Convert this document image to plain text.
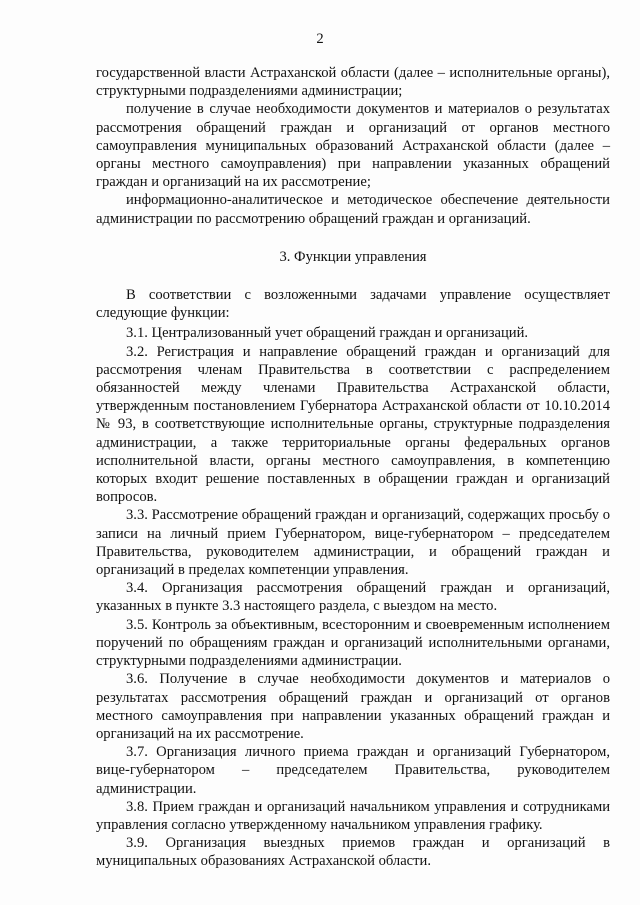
2

государственной власти Астраханской области (далее – исполнительные органы), структурными подразделениями администрации;

получение в случае необходимости документов и материалов о результатах рассмотрения обращений граждан и организаций от органов местного самоуправления муниципальных образований Астраханской области (далее – органы местного самоуправления) при направлении указанных обращений граждан и организаций на их рассмотрение;

информационно-аналитическое и методическое обеспечение деятельности администрации по рассмотрению обращений граждан и организаций.

3. Функции управления

В соответствии с возложенными задачами управление осуществляет следующие функции:

3.1. Централизованный учет обращений граждан и организаций.

3.2. Регистрация и направление обращений граждан и организаций для рассмотрения членам Правительства в соответствии с распределением обязанностей между членами Правительства Астраханской области, утвержденным постановлением Губернатора Астраханской области от 10.10.2014 № 93, в соответствующие исполнительные органы, структурные подразделения администрации, а также территориальные органы федеральных органов исполнительной власти, органы местного самоуправления, в компетенцию которых входит решение поставленных в обращении граждан и организаций вопросов.

3.3. Рассмотрение обращений граждан и организаций, содержащих просьбу о записи на личный прием Губернатором, вице-губернатором – председателем Правительства, руководителем администрации, и обращений граждан и организаций в пределах компетенции управления.

3.4. Организация рассмотрения обращений граждан и организаций, указанных в пункте 3.3 настоящего раздела, с выездом на место.

3.5. Контроль за объективным, всесторонним и своевременным исполнением поручений по обращениям граждан и организаций исполнительными органами, структурными подразделениями администрации.

3.6. Получение в случае необходимости документов и материалов о результатах рассмотрения обращений граждан и организаций от органов местного самоуправления при направлении указанных обращений граждан и организаций на их рассмотрение.

3.7. Организация личного приема граждан и организаций Губернатором, вице-губернатором – председателем Правительства, руководителем администрации.

3.8. Прием граждан и организаций начальником управления и сотрудниками управления согласно утвержденному начальником управления графику.

3.9. Организация выездных приемов граждан и организаций в муниципальных образованиях Астраханской области.
